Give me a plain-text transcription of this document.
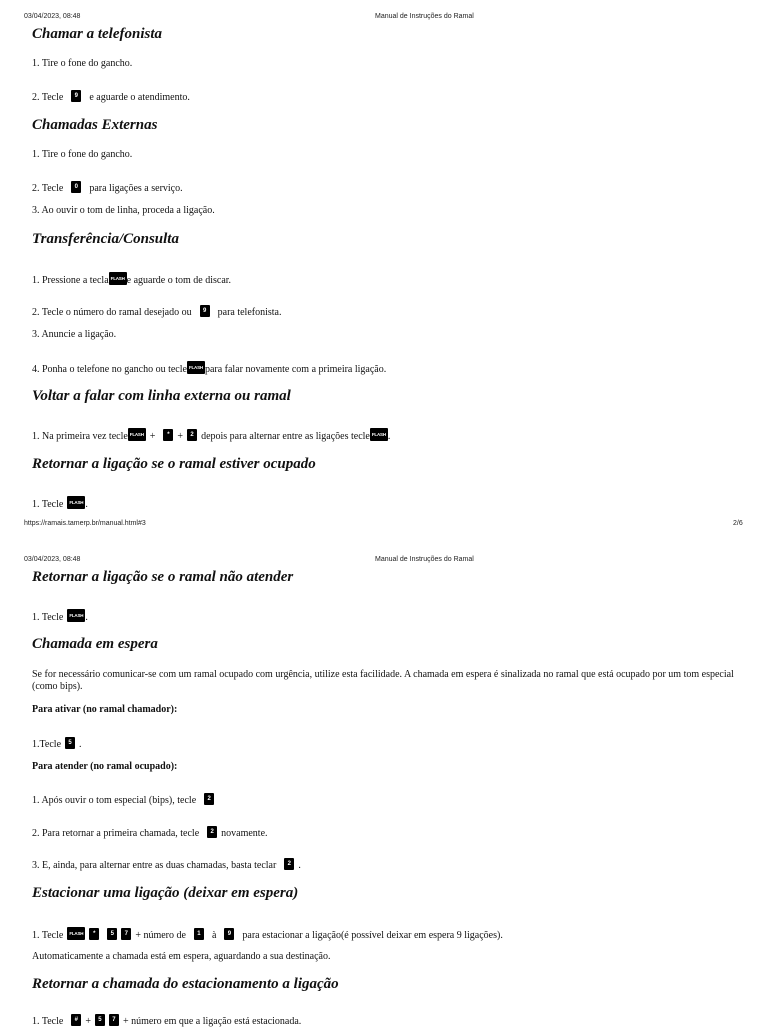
03/04/2023, 08:48	Manual de Instruções do Ramal
Chamar a telefonista
1. Tire o fone do gancho.
2. Tecle 9 e aguarde o atendimento.
Chamadas Externas
1. Tire o fone do gancho.
2. Tecle 0 para ligações a serviço.
3. Ao ouvir o tom de linha, proceda a ligação.
Transferência/Consulta
1. Pressione a tecla FLASH e aguarde o tom de discar.
2. Tecle o número do ramal desejado ou 9 para telefonista.
3. Anuncie a ligação.
4. Ponha o telefone no gancho ou tecle FLASH para falar novamente com a primeira ligação.
Voltar a falar com linha externa ou ramal
1. Na primeira vez tecle FLASH + * + 2 depois para alternar entre as ligações tecle FLASH .
Retornar a ligação se o ramal estiver ocupado
1. Tecle FLASH .
https://ramais.tamerp.br/manual.html#3	2/6
03/04/2023, 08:48	Manual de Instruções do Ramal
Retornar a ligação se o ramal não atender
1. Tecle FLASH .
Chamada em espera
Se for necessário comunicar-se com um ramal ocupado com urgência, utilize esta facilidade. A chamada em espera é sinalizada no ramal que está ocupado por um tom especial (como bips).
Para ativar (no ramal chamador):
1.Tecle 5 .
Para atender (no ramal ocupado):
1. Após ouvir o tom especial (bips), tecle 2
2. Para retornar a primeira chamada, tecle 2 novamente.
3. E, ainda, para alternar entre as duas chamadas, basta teclar 2 .
Estacionar uma ligação (deixar em espera)
1. Tecle FLASH *	5 7 + número de 1 à 9 para estacionar a ligação(é possível deixar em espera 9 ligações).
Automaticamente a chamada está em espera, aguardando a sua destinação.
Retornar a chamada do estacionamento a ligação
1. Tecle # + 5 7 + número em que a ligação está estacionada.
